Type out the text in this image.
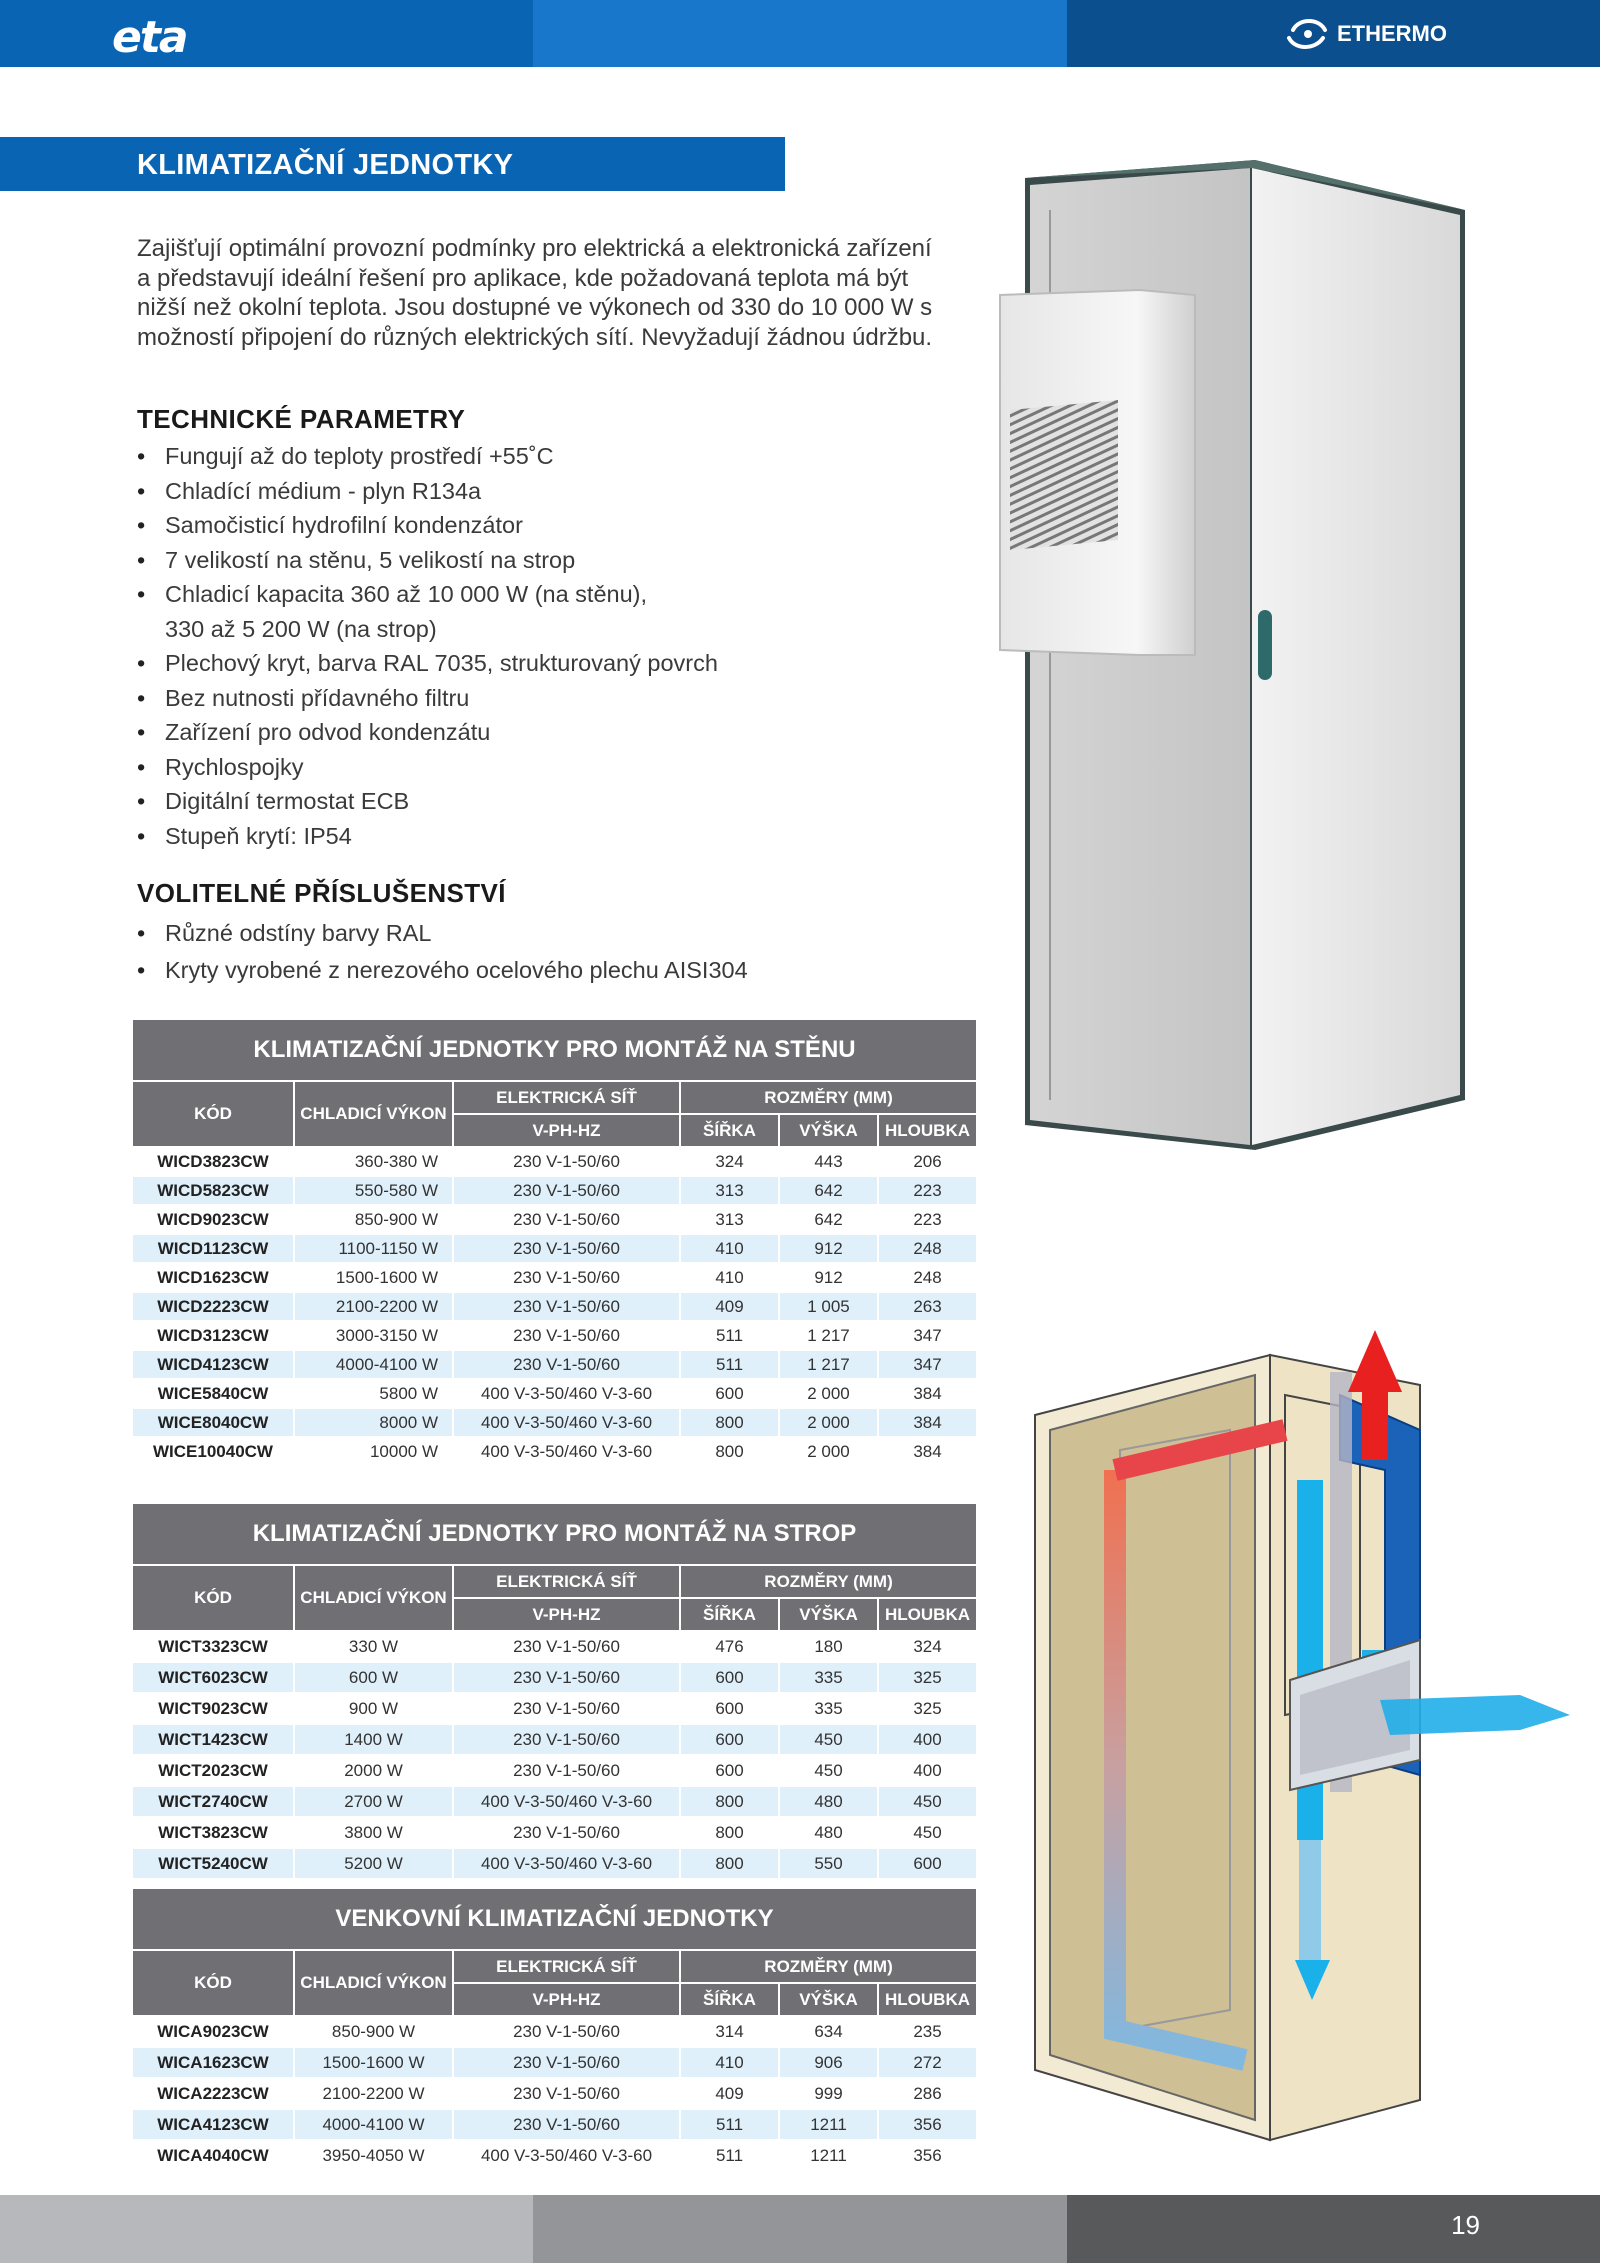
eta	ETHERMO
KLIMATIZAČNÍ JEDNOTKY

Zajišťují optimální provozní podmínky pro elektrická a elektronická zařízení a představují ideální řešení pro aplikace, kde požadovaná teplota má být nižší než okolní teplota. Jsou dostupné ve výkonech od 330 do 10 000 W s možností připojení do různých elektrických sítí. Nevyžadují žádnou údržbu.

TECHNICKÉ PARAMETRY
• Fungují až do teploty prostředí +55˚C
• Chladící médium - plyn R134a
• Samočisticí hydrofilní kondenzátor
• 7 velikostí na stěnu, 5 velikostí na strop
• Chladicí kapacita 360 až 10 000 W (na stěnu),
330 až 5 200 W (na strop)
• Plechový kryt, barva RAL 7035, strukturovaný povrch
• Bez nutnosti přídavného filtru
• Zařízení pro odvod kondenzátu
• Rychlospojky
• Digitální termostat ECB
• Stupeň krytí: IP54
VOLITELNÉ PŘÍSLUŠENSTVÍ
• Různé odstíny barvy RAL
• Kryty vyrobené z nerezového ocelového plechu AISI304
KLIMATIZAČNÍ JEDNOTKY PRO MONTÁŽ NA STĚNU
KÓD	CHLADICÍ VÝKON	ELEKTRICKÁ SÍŤ	ROZMĚRY (MM)		
		V-PH-HZ	ŠÍŘKA	VÝŠKA	HLOUBKA
WICD3823CW	360-380 W	230 V-1-50/60	324	443	206
WICD5823CW	550-580 W	230 V-1-50/60	313	642	223
WICD9023CW	850-900 W	230 V-1-50/60	313	642	223
WICD1123CW	1100-1150 W	230 V-1-50/60	410	912	248
WICD1623CW	1500-1600 W	230 V-1-50/60	410	912	248
WICD2223CW	2100-2200 W	230 V-1-50/60	409	1 005	263
WICD3123CW	3000-3150 W	230 V-1-50/60	511	1 217	347
WICD4123CW	4000-4100 W	230 V-1-50/60	511	1 217	347
WICE5840CW	5800 W	400 V-3-50/460 V-3-60	600	2 000	384
WICE8040CW	8000 W	400 V-3-50/460 V-3-60	800	2 000	384
WICE10040CW	10000 W	400 V-3-50/460 V-3-60	800	2 000	384
KLIMATIZAČNÍ JEDNOTKY PRO MONTÁŽ NA STROP
KÓD	CHLADICÍ VÝKON	ELEKTRICKÁ SÍŤ	ROZMĚRY (MM)		
		V-PH-HZ	ŠÍŘKA	VÝŠKA	HLOUBKA
WICT3323CW	330 W	230 V-1-50/60	476	180	324
WICT6023CW	600 W	230 V-1-50/60	600	335	325
WICT9023CW	900 W	230 V-1-50/60	600	335	325
WICT1423CW	1400 W	230 V-1-50/60	600	450	400
WICT2023CW	2000 W	230 V-1-50/60	600	450	400
WICT2740CW	2700 W	400 V-3-50/460 V-3-60	800	480	450
WICT3823CW	3800 W	230 V-1-50/60	800	480	450
WICT5240CW	5200 W	400 V-3-50/460 V-3-60	800	550	600
VENKOVNÍ KLIMATIZAČNÍ JEDNOTKY
KÓD	CHLADICÍ VÝKON	ELEKTRICKÁ SÍŤ	ROZMĚRY (MM)		
		V-PH-HZ	ŠÍŘKA	VÝŠKA	HLOUBKA
WICA9023CW	850-900 W	230 V-1-50/60	314	634	235
WICA1623CW	1500-1600 W	230 V-1-50/60	410	906	272
WICA2223CW	2100-2200 W	230 V-1-50/60	409	999	286
WICA4123CW	4000-4100 W	230 V-1-50/60	511	1211	356
WICA4040CW	3950-4050 W	400 V-3-50/460 V-3-60	511	1211	356
19
